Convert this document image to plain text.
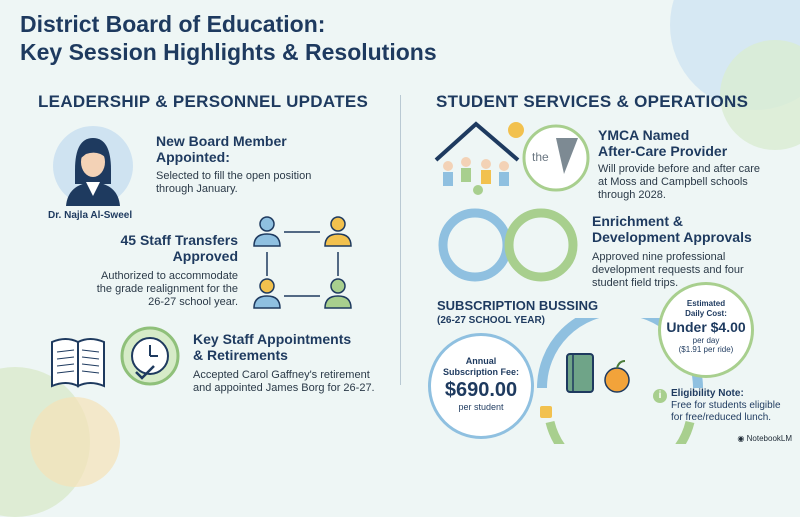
District Board of Education:
Key Session Highlights & Resolutions
LEADERSHIP & PERSONNEL UPDATES	STUDENT SERVICES & OPERATIONS
Dr. Najla Al-Sweel
New Board Member
Appointed:
Selected to fill the open position
through January.
45 Staff Transfers
Approved
Authorized to accommodate
the grade realignment for the
26-27 school year.
Key Staff Appointments
& Retirements
Accepted Carol Gaffney's retirement
and appointed James Borg for 26-27.
the
YMCA Named
After-Care Provider
Will provide before and after care
at Moss and Campbell schools
through 2028.
Enrichment &
Development Approvals
Approved nine professional
development requests and four
student field trips.
SUBSCRIPTION BUSSING
(26-27 SCHOOL YEAR)
Annual
Subscription Fee:
$690.00
per student
Estimated
Daily Cost:
Under $4.00
per day
($1.91 per ride)
i Eligibility Note:
Free for students eligible
for free/reduced lunch.
◉ NotebookLM
